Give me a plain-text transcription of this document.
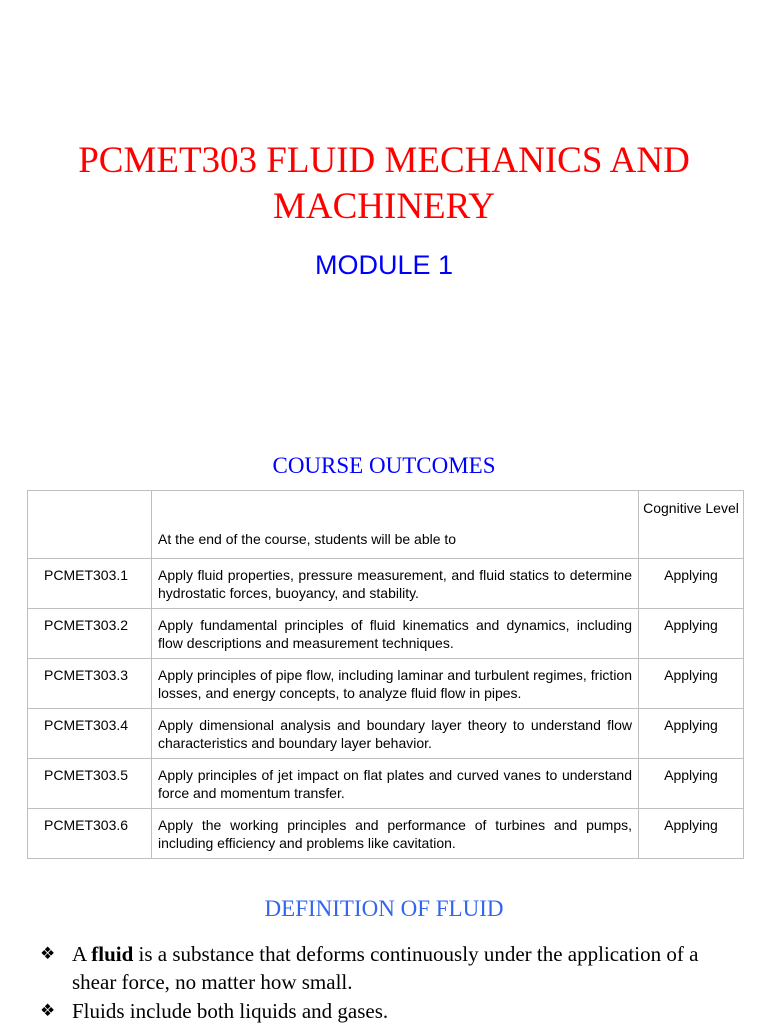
PCMET303 FLUID MECHANICS AND MACHINERY
MODULE 1
COURSE OUTCOMES
	At the end of the course, students will be able to	Cognitive Level
PCMET303.1	Apply fluid properties, pressure measurement, and fluid statics to determine hydrostatic forces, buoyancy, and stability.	Applying
PCMET303.2	Apply fundamental principles of fluid kinematics and dynamics, including flow descriptions and measurement techniques.	Applying
PCMET303.3	Apply principles of pipe flow, including laminar and turbulent regimes, friction losses, and energy concepts, to analyze fluid flow in pipes.	Applying
PCMET303.4	Apply dimensional analysis and boundary layer theory to understand flow characteristics and boundary layer behavior.	Applying
PCMET303.5	Apply principles of jet impact on flat plates and curved vanes to understand force and momentum transfer.	Applying
PCMET303.6	Apply the working principles and performance of turbines and pumps, including efficiency and problems like cavitation.	Applying
DEFINITION OF FLUID
❖ A fluid is a substance that deforms continuously under the application of a shear force, no matter how small.
❖ Fluids include both liquids and gases.
